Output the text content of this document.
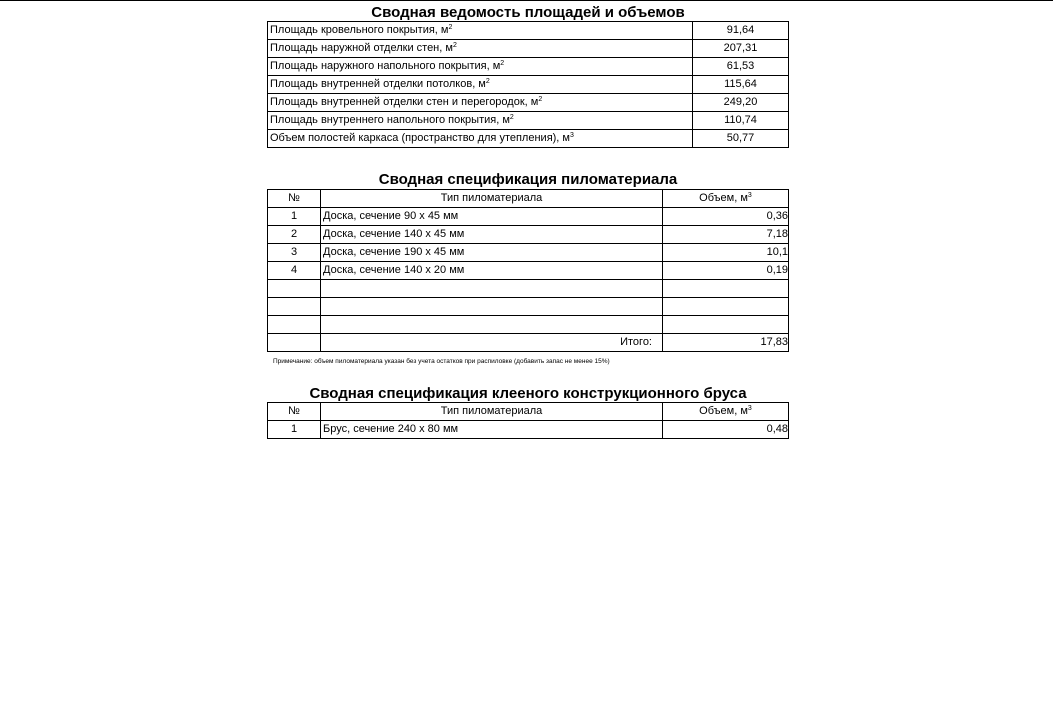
Сводная ведомость площадей и объемов
Площадь кровельного покрытия, $м^2$	91,64
Площадь наружной отделки стен, $м^2$	207,31
Площадь наружного напольного покрытия, $м^2$	61,53
Площадь внутренней отделки потолков, $м^2$	115,64
Площадь внутренней отделки стен и перегородок, $м^2$	249,20
Площадь внутреннего напольного покрытия, $м^2$	110,74
Объем полостей каркаса (пространство для утепления), $м^3$	50,77
Сводная спецификация пиломатериала
№	Тип пиломатериала	Объем, $м^3$
1	Доска, сечение 90 х 45 мм	0,36
2	Доска, сечение 140 х 45 мм	7,18
3	Доска, сечение 190 х 45 мм	10,1
4	Доска, сечение 140 х 20 мм	0,19

	Итого:	17,83
Примечание: объем пиломатериала указан без учета остатков при распиловке (добавить запас не менее 15%)
Сводная спецификация клееного конструкционного бруса
№	Тип пиломатериала	Объем, $м^3$
1	Брус, сечение 240 х 80 мм	0,48
